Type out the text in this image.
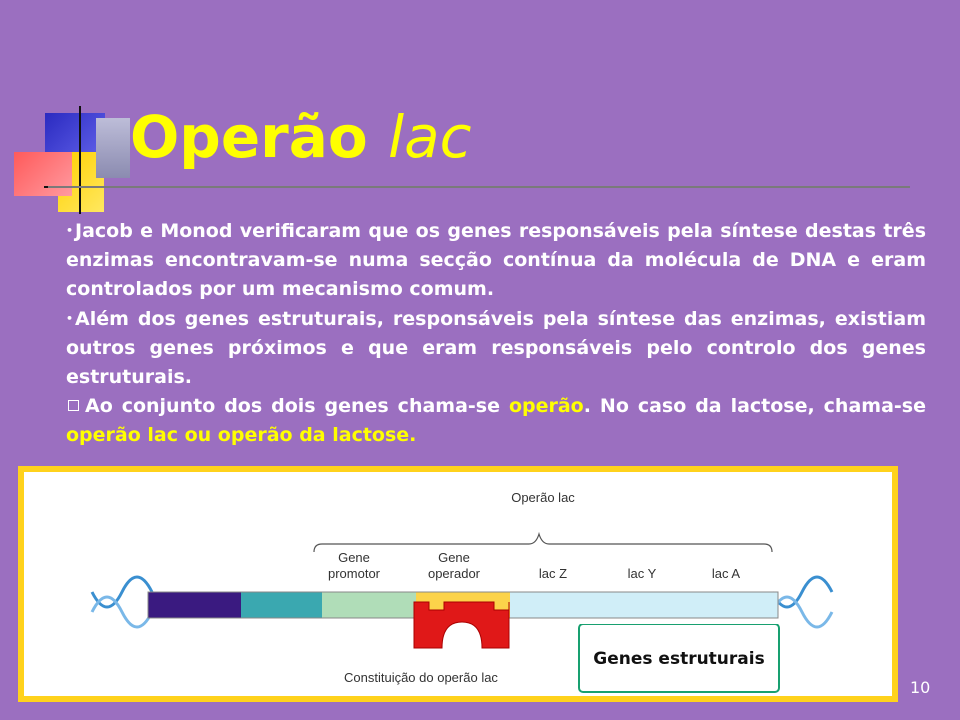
Operão lac

• Jacob e Monod verificaram que os genes responsáveis pela síntese destas três enzimas encontravam-se numa secção contínua da molécula de DNA e eram controlados por um mecanismo comum.

• Além dos genes estruturais, responsáveis pela síntese das enzimas, existiam outros genes próximos e que eram responsáveis pelo controlo dos genes estruturais.

Ao conjunto dos dois genes chama-se operão. No caso da lactose, chama-se operão lac ou operão da lactose.

Operão lac
Gene
promotor
Gene
operador	lac Z	lac Y	lac A
Constituição do operão lac
Genes estruturais
10
